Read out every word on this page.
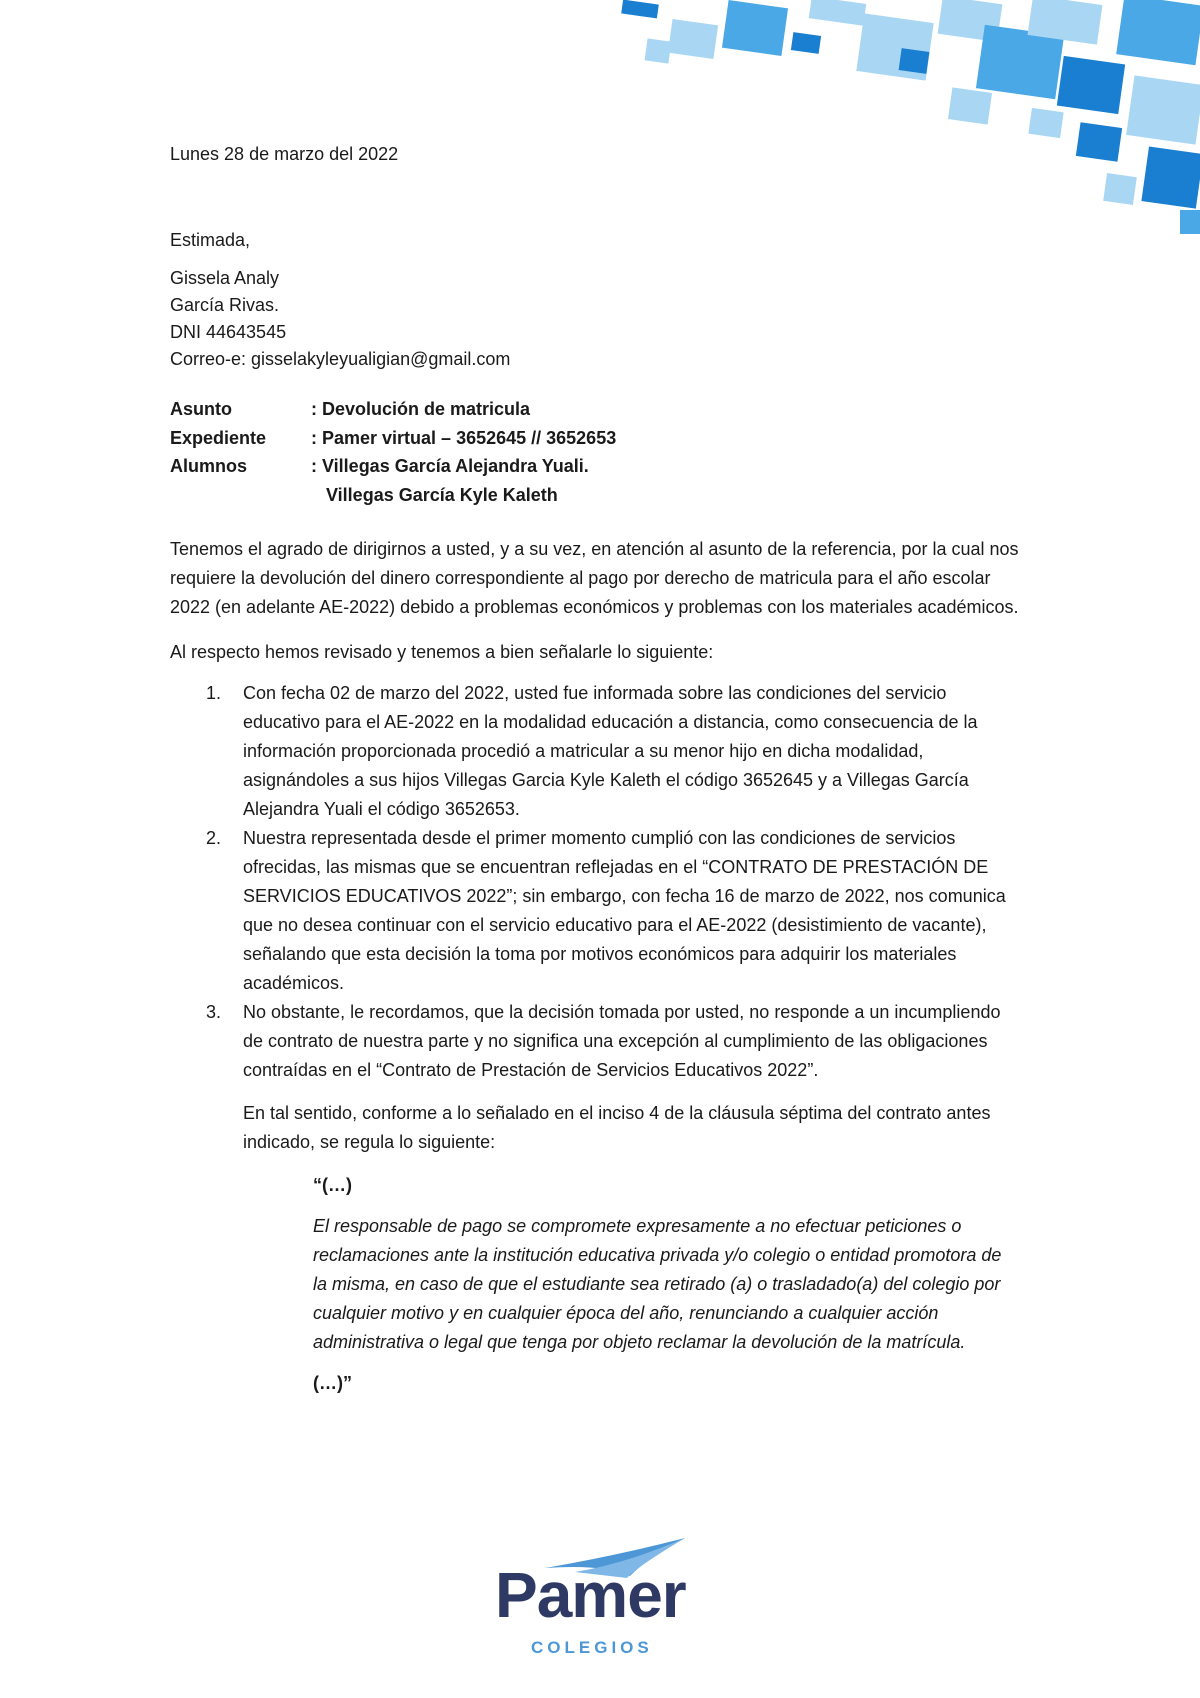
Lunes 28 de marzo del 2022

Estimada,

Gissela Analy
García Rivas.
DNI 44643545
Correo-e: gisselakyleyualigian@gmail.com
Asunto	: Devolución de matricula
Expediente	: Pamer virtual – 3652645 // 3652653
Alumnos	: Villegas García Alejandra Yuali.
Villegas García Kyle Kaleth

Tenemos el agrado de dirigirnos a usted, y a su vez, en atención al asunto de la referencia, por la cual nos requiere la devolución del dinero correspondiente al pago por derecho de matricula para el año escolar 2022 (en adelante AE-2022) debido a problemas económicos y problemas con los materiales académicos.

Al respecto hemos revisado y tenemos a bien señalarle lo siguiente:

1.	Con fecha 02 de marzo del 2022, usted fue informada sobre las condiciones del servicio educativo para el AE-2022 en la modalidad educación a distancia, como consecuencia de la información proporcionada procedió a matricular a su menor hijo en dicha modalidad, asignándoles a sus hijos Villegas Garcia Kyle Kaleth el código 3652645 y a Villegas García Alejandra Yuali el código 3652653.
2.	Nuestra representada desde el primer momento cumplió con las condiciones de servicios ofrecidas, las mismas que se encuentran reflejadas en el “CONTRATO DE PRESTACIÓN DE SERVICIOS EDUCATIVOS 2022”; sin embargo, con fecha 16 de marzo de 2022, nos comunica que no desea continuar con el servicio educativo para el AE-2022 (desistimiento de vacante), señalando que esta decisión la toma por motivos económicos para adquirir los materiales académicos.
3.	No obstante, le recordamos, que la decisión tomada por usted, no responde a un incumpliendo de contrato de nuestra parte y no significa una excepción al cumplimiento de las obligaciones contraídas en el “Contrato de Prestación de Servicios Educativos 2022”.
En tal sentido, conforme a lo señalado en el inciso 4 de la cláusula séptima del contrato antes indicado, se regula lo siguiente:
“(…)
El responsable de pago se compromete expresamente a no efectuar peticiones o reclamaciones ante la institución educativa privada y/o colegio o entidad promotora de la misma, en caso de que el estudiante sea retirado (a) o trasladado(a) del colegio por cualquier motivo y en cualquier época del año, renunciando a cualquier acción administrativa o legal que tenga por objeto reclamar la devolución de la matrícula.
(…)”
Pamer
COLEGIOS
